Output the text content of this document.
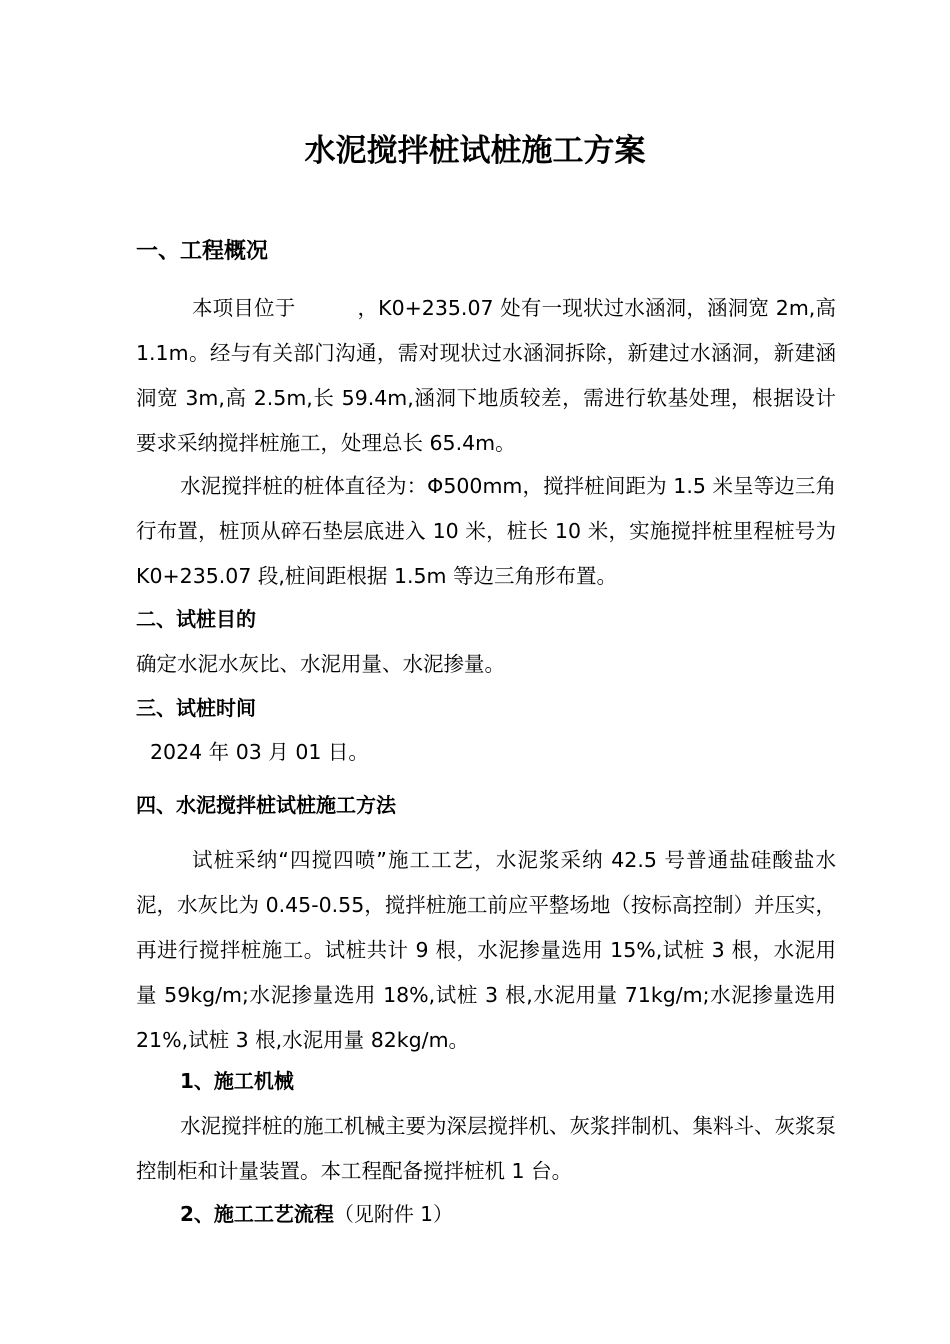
水泥搅拌桩试桩施工方案
一、工程概况
本项目位于　　　，K0+235.07 处有一现状过水涵洞，涵洞宽 2m,高 1.1m。经与有关部门沟通，需对现状过水涵洞拆除，新建过水涵洞，新建涵洞宽 3m,高 2.5m,长 59.4m,涵洞下地质较差，需进行软基处理，根据设计要求采纳搅拌桩施工，处理总长 65.4m。
水泥搅拌桩的桩体直径为：Φ500mm，搅拌桩间距为 1.5 米呈等边三角行布置，桩顶从碎石垫层底进入 10 米，桩长 10 米，实施搅拌桩里程桩号为 K0+235.07 段,桩间距根据 1.5m 等边三角形布置。
二、试桩目的
确定水泥水灰比、水泥用量、水泥掺量。
三、试桩时间
2024 年 03 月 01 日。
四、水泥搅拌桩试桩施工方法
试桩采纳“四搅四喷”施工工艺，水泥浆采纳 42.5 号普通盐硅酸盐水泥，水灰比为 0.45-0.55，搅拌桩施工前应平整场地（按标高控制）并压实，再进行搅拌桩施工。试桩共计 9 根，水泥掺量选用 15%,试桩 3 根，水泥用量 59kg/m;水泥掺量选用 18%,试桩 3 根,水泥用量 71kg/m;水泥掺量选用 21%,试桩 3 根,水泥用量 82kg/m。
1、施工机械
水泥搅拌桩的施工机械主要为深层搅拌机、灰浆拌制机、集料斗、灰浆泵控制柜和计量装置。本工程配备搅拌桩机 1 台。
2、施工工艺流程（见附件 1）
